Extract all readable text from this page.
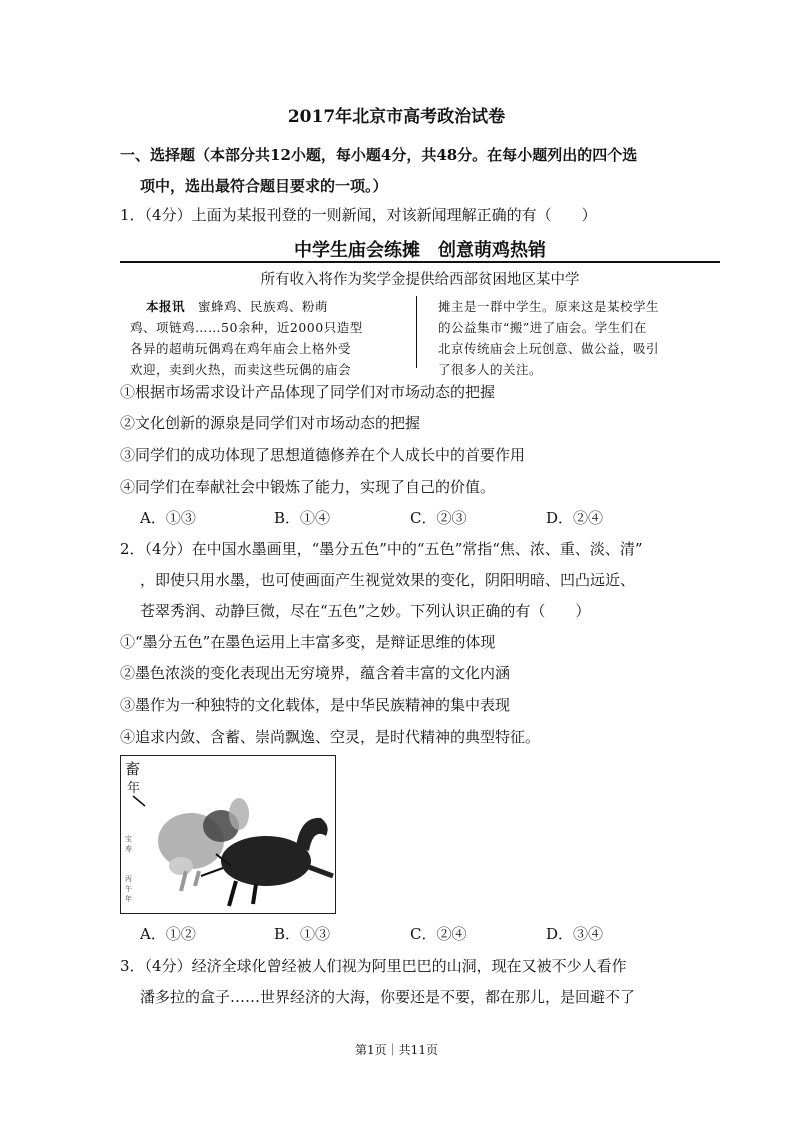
2017年北京市高考政治试卷
一、选择题（本部分共12小题，每小题4分，共48分。在每小题列出的四个选
项中，选出最符合题目要求的一项。）
1．（4分）上面为某报刊登的一则新闻，对该新闻理解正确的有（　　）
中学生庙会练摊　创意萌鸡热销
所有收入将作为奖学金提供给西部贫困地区某中学

本报讯　蜜蜂鸡、民族鸡、粉萌

鸡、项链鸡……50余种，近2000只造型

各异的超萌玩偶鸡在鸡年庙会上格外受

欢迎，卖到火热，而卖这些玩偶的庙会

摊主是一群中学生。原来这是某校学生

的公益集市“搬”进了庙会。学生们在

北京传统庙会上玩创意、做公益，吸引

了很多人的关注。

①根据市场需求设计产品体现了同学们对市场动态的把握
②文化创新的源泉是同学们对市场动态的把握
③同学们的成功体现了思想道德修养在个人成长中的首要作用
④同学们在奉献社会中锻炼了能力，实现了自己的价值。
A．①③	B．①④	C．②③	D．②④
2．（4分）在中国水墨画里，“墨分五色”中的“五色”常指“焦、浓、重、淡、清”
，即使只用水墨，也可使画面产生视觉效果的变化，阴阳明暗、凹凸远近、
苍翠秀润、动静巨微，尽在“五色”之妙。下列认识正确的有（　　）
①“墨分五色”在墨色运用上丰富多变，是辩证思维的体现
②墨色浓淡的变化表现出无穷境界，蕴含着丰富的文化内涵
③墨作为一种独特的文化载体，是中华民族精神的集中表现
④追求内敛、含蓄、崇尚飘逸、空灵，是时代精神的典型特征。
畜
年
宝
寿
丙
午
年
A．①②	B．①③	C．②④	D．③④
3．（4分）经济全球化曾经被人们视为阿里巴巴的山洞，现在又被不少人看作
潘多拉的盒子……世界经济的大海，你要还是不要，都在那儿，是回避不了
第1页｜共11页
